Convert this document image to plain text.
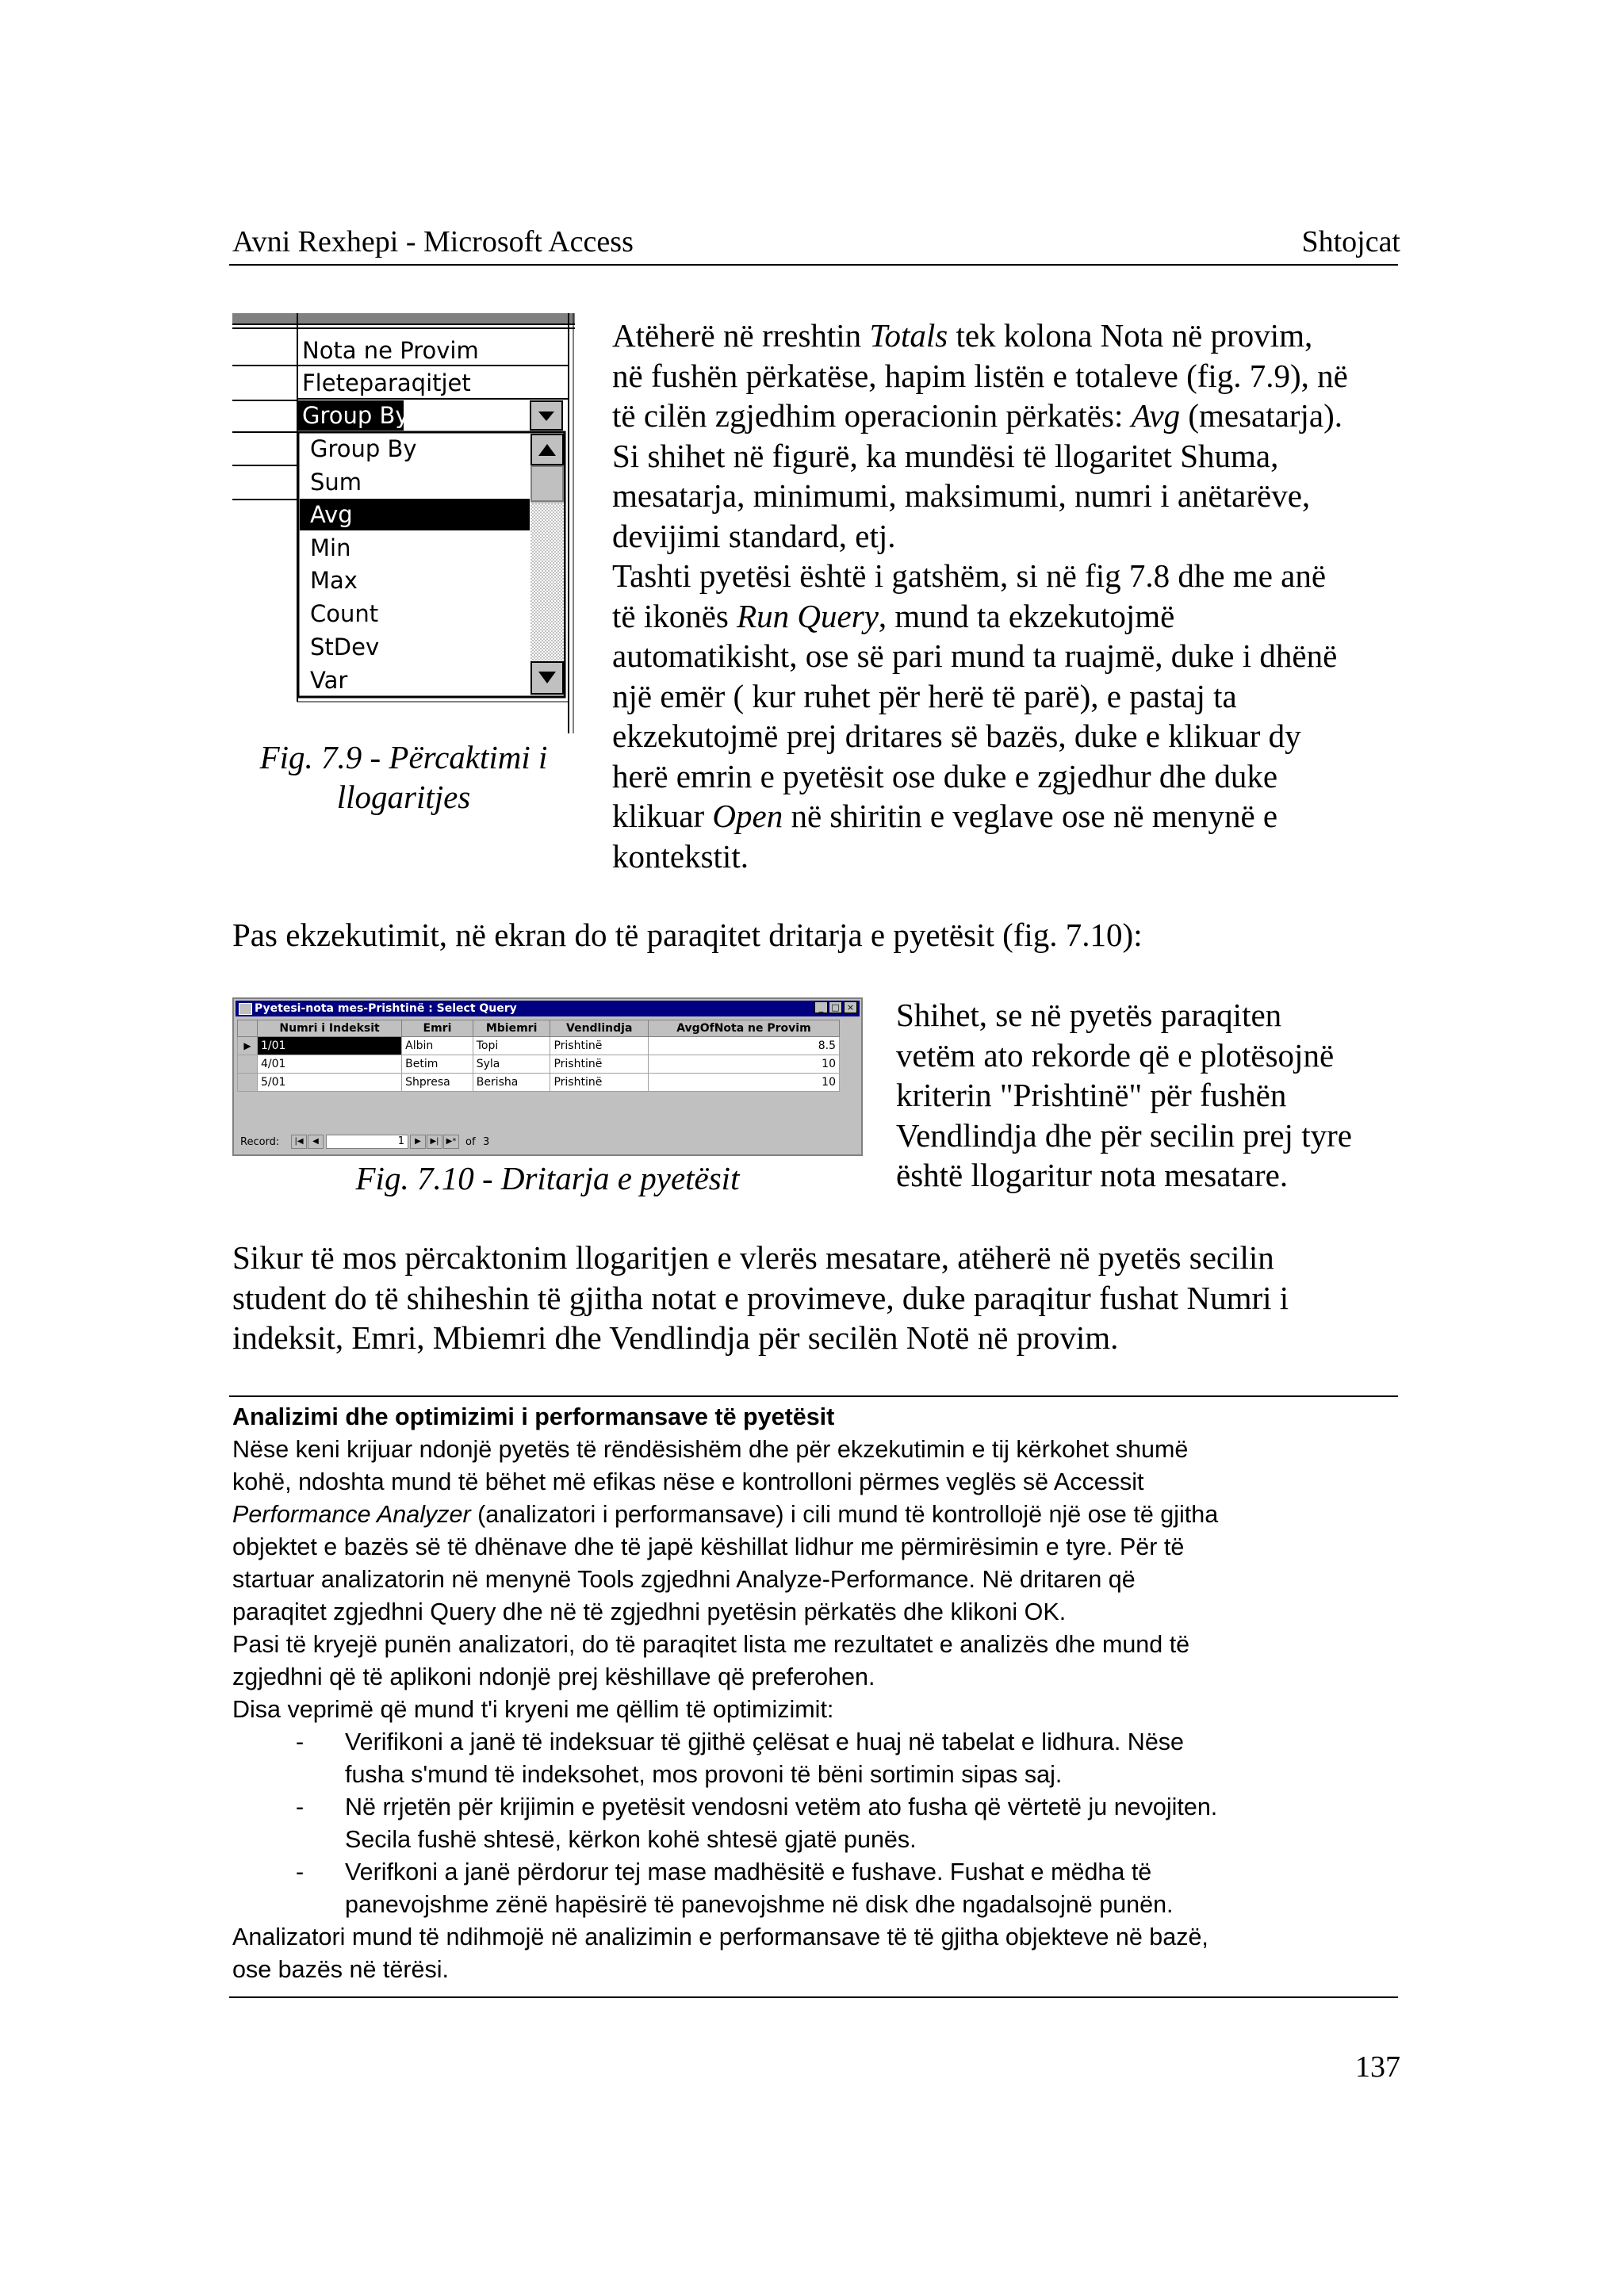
Avni Rexhepi - Microsoft Access	Shtojcat
Nota ne Provim
Fleteparaqitjet
Group By
Group By
Sum
Avg
Min
Max
Count
StDev
Var
Fig. 7.9 - Përcaktimi i
llogaritjes
Atëherë në rreshtin Totals tek kolona Nota në provim,
në fushën përkatëse, hapim listën e totaleve (fig. 7.9), në
të cilën zgjedhim operacionin përkatës: Avg (mesatarja).
Si shihet në figurë, ka mundësi të llogaritet Shuma,
mesatarja, minimumi, maksimumi, numri i anëtarëve,
devijimi standard, etj.
Tashti pyetësi është i gatshëm, si në fig 7.8 dhe me anë
të ikonës Run Query, mund ta ekzekutojmë
automatikisht, ose së pari mund ta ruajmë, duke i dhënë
një emër ( kur ruhet për herë të parë), e pastaj ta
ekzekutojmë prej dritares së bazës, duke e klikuar dy
herë emrin e pyetësit ose duke e zgjedhur dhe duke
klikuar Open në shiritin e veglave ose në menynë e
kontekstit.
Pas ekzekutimit, në ekran do të paraqitet dritarja e pyetësit (fig. 7.10):
Pyetesi-nota mes-Prishtinë : Select Query	_ □ ×
	Numri i Indeksit	Emri	Mbiemri	Vendlindja	AvgOfNota ne Provim
▶	1/01	Albin	Topi	Prishtinë	8.5
	4/01	Betim	Syla	Prishtinë	10
	5/01	Shpresa	Berisha	Prishtinë	10

Record:	|◀	◀	1	▶	▶| ▶* of 3
Fig. 7.10 - Dritarja e pyetësit
Shihet, se në pyetës paraqiten
vetëm ato rekorde që e plotësojnë
kriterin "Prishtinë" për fushën
Vendlindja dhe për secilin prej tyre
është llogaritur nota mesatare.
Sikur të mos përcaktonim llogaritjen e vlerës mesatare, atëherë në pyetës secilin
student do të shiheshin të gjitha notat e provimeve, duke paraqitur fushat Numri i
indeksit, Emri, Mbiemri dhe Vendlindja për secilën Notë në provim.

Analizimi dhe optimizimi i performansave të pyetësit

Nëse keni krijuar ndonjë pyetës të rëndësishëm dhe për ekzekutimin e tij kërkohet shumë
kohë, ndoshta mund të bëhet më efikas nëse e kontrolloni përmes veglës së Accessit
Performance Analyzer (analizatori i performansave) i cili mund të kontrollojë një ose të gjitha
objektet e bazës së të dhënave dhe të japë këshillat lidhur me përmirësimin e tyre. Për të
startuar analizatorin në menynë Tools zgjedhni Analyze-Performance. Në dritaren që
paraqitet zgjedhni Query dhe në të zgjedhni pyetësin përkatës dhe klikoni OK.
Pasi të kryejë punën analizatori, do të paraqitet lista me rezultatet e analizës dhe mund të
zgjedhni që të aplikoni ndonjë prej këshillave që preferohen.
Disa veprimë që mund t'i kryeni me qëllim të optimizimit:
- Verifikoni a janë të indeksuar të gjithë çelësat e huaj në tabelat e lidhura. Nëse
fusha s'mund të indeksohet, mos provoni të bëni sortimin sipas saj.
- Në rrjetën për krijimin e pyetësit vendosni vetëm ato fusha që vërtetë ju nevojiten.
Secila fushë shtesë, kërkon kohë shtesë gjatë punës.
- Verifkoni a janë përdorur tej mase madhësitë e fushave. Fushat e mëdha të
panevojshme zënë hapësirë të panevojshme në disk dhe ngadalsojnë punën.
Analizatori mund të ndihmojë në analizimin e performansave të të gjitha objekteve në bazë,
ose bazës në tërësi.
137
